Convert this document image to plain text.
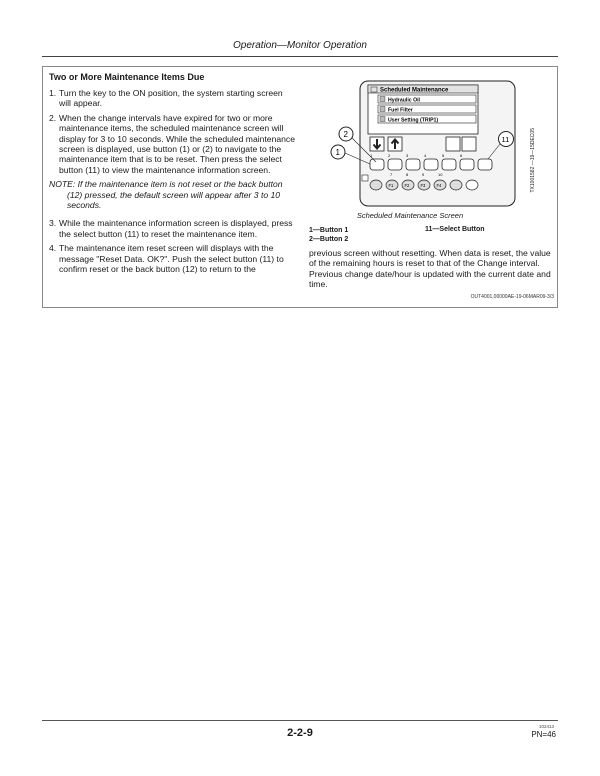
Operation—Monitor Operation
Two or More Maintenance Items Due
1. Turn the key to the ON position, the system starting screen will appear.
2. When the change intervals have expired for two or more maintenance items, the scheduled maintenance screen will display for 3 to 10 seconds. While the scheduled maintenance screen is displayed, use button (1) or (2) to navigate to the maintenance item that is to be reset. Then press the select button (11) to view the maintenance information screen.
NOTE: If the maintenance item is not reset or the back button (12) pressed, the default screen will appear after 3 to 10 seconds.
3. While the maintenance information screen is displayed, press the select button (11) to reset the maintenance item.
4. The maintenance item reset screen will displays with the message "Reset Data. OK?". Push the select button (11) to confirm reset or the back button (12) to return to the
Scheduled Maintenance
Hydraulic Oil
Fuel Filter
User Setting (TRIP1)
1	2	3	4	5	6
7	8	9	10
F1	F2	F3	F4
2
1
11	TX1001582 —19—15DEC05
Scheduled Maintenance Screen
1—Button 1
2—Button 2
11—Select Button
previous screen without resetting. When data is reset, the value of the remaining hours is reset to that of the Change interval. Previous change date/hour is updated with the current date and time.
OUT4001,00000AE-19-06MAR09-3/3
2-2-9
102413
PN=46
